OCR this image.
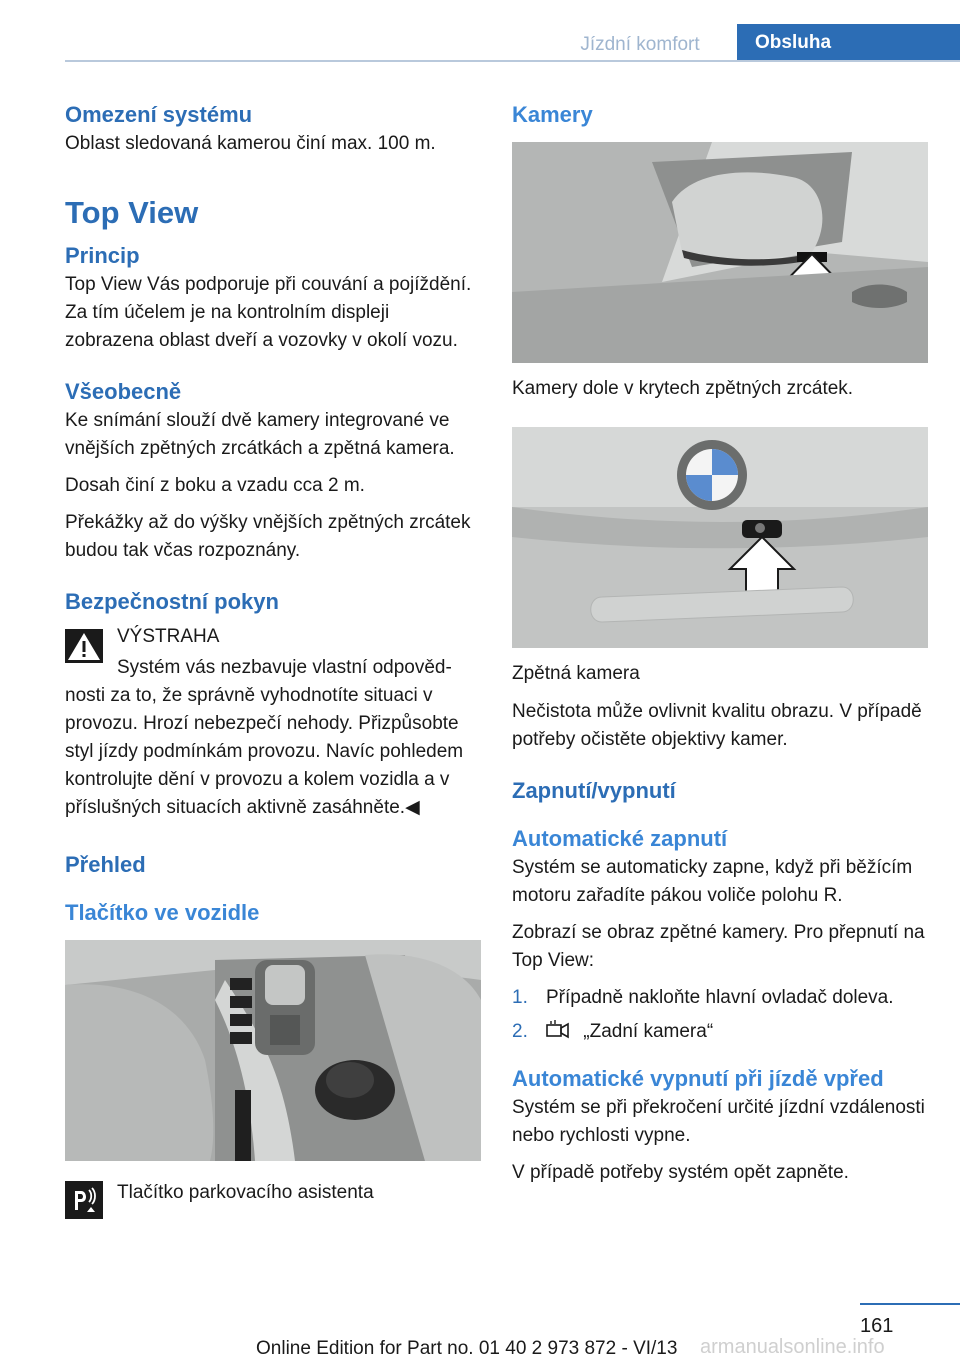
Jízdní komfort	Obsluha
Omezení systému

Oblast sledovaná kamerou činí max. 100 m.

Top View
Princip

Top View Vás podporuje při couvání a pojíždění. Za tím účelem je na kontrolním displeji zobrazena oblast dveří a vozovky v okolí vozu.

Všeobecně

Ke snímání slouží dvě kamery integrované ve vnějších zpětných zrcátkách a zpětná kamera.

Dosah činí z boku a vzadu cca 2 m.

Překážky až do výšky vnějších zpětných zrcátek budou tak včas rozpoznány.

Bezpečnostní pokyn
VÝSTRAHA

Systém vás nezbavuje vlastní odpovědnosti za to, že správně vyhodnotíte situaci v provozu. Hrozí nebezpečí nehody. Přizpůsobte styl jízdy podmínkám provozu. Navíc pohledem kontrolujte dění v provozu a kolem vozidla a v příslušných situacích aktivně zasáhněte.◀

Přehled
Tlačítko ve vozidle

Tlačítko parkovacího asistenta

Kamery

Kamery dole v krytech zpětných zrcátek.

Zpětná kamera

Nečistota může ovlivnit kvalitu obrazu. V případě potřeby očistěte objektivy kamer.

Zapnutí/vypnutí
Automatické zapnutí

Systém se automaticky zapne, když při běžícím motoru zařadíte pákou voliče polohu R.

Zobrazí se obraz zpětné kamery. Pro přepnutí na Top View:

1. Případně nakloňte hlavní ovladač doleva.
2.	„Zadní kamera“
Automatické vypnutí při jízdě vpřed

Systém se při překročení určité jízdní vzdálenosti nebo rychlosti vypne.

V případě potřeby systém opět zapněte.

161
Online Edition for Part no. 01 40 2 973 872 - VI/13 armanualsonline.info
